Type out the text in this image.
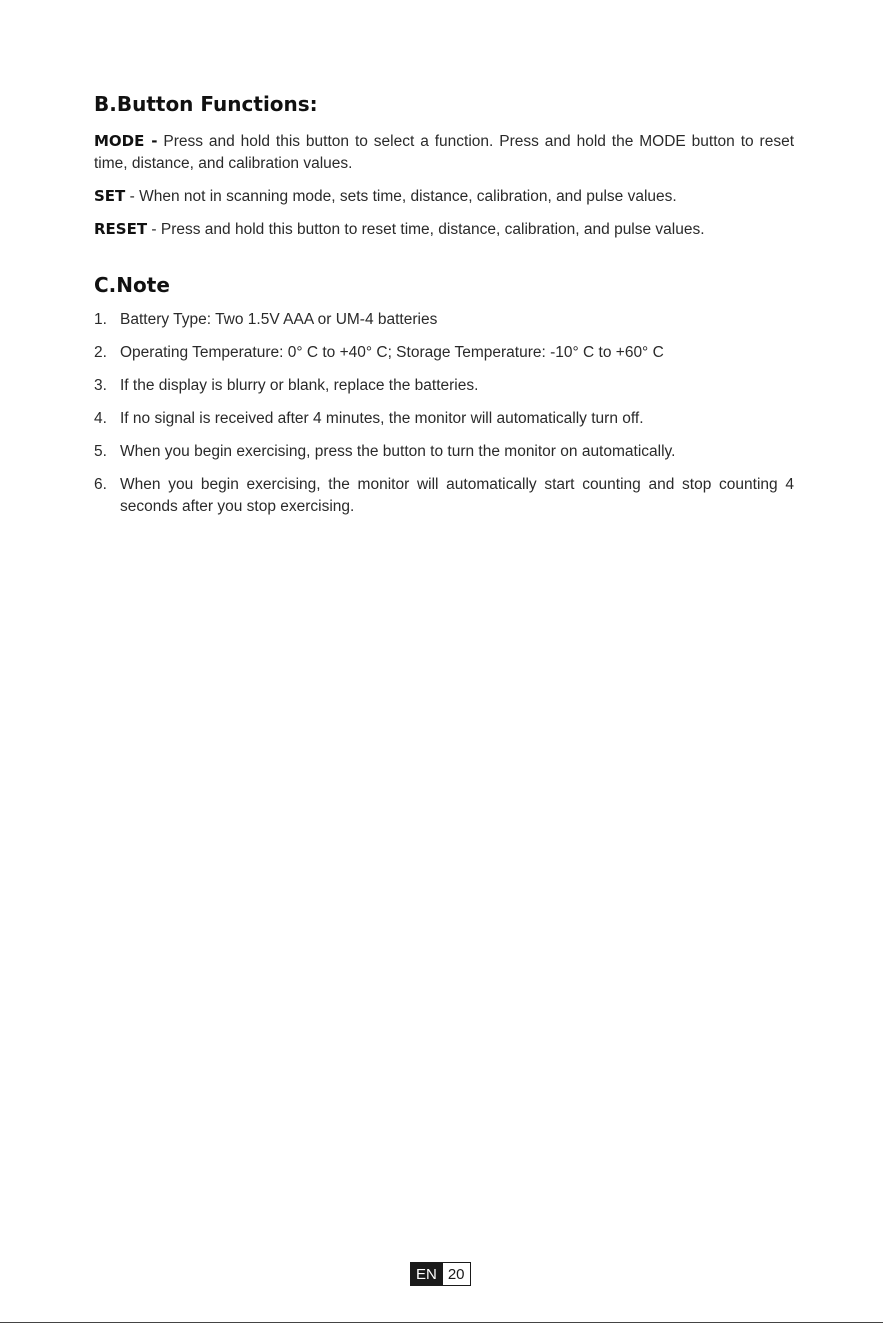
B.Button Functions:

MODE - Press and hold this button to select a function. Press and hold the MODE button to reset time, distance, and calibration values.

SET - When not in scanning mode, sets time, distance, calibration, and pulse values.

RESET - Press and hold this button to reset time, distance, calibration, and pulse values.

C.Note
1. Battery Type: Two 1.5V AAA or UM-4 batteries
2. Operating Temperature: 0° C to +40° C; Storage Temperature: -10° C to +60° C
3. If the display is blurry or blank, replace the batteries.
4. If no signal is received after 4 minutes, the monitor will automatically turn off.
5. When you begin exercising, press the button to turn the monitor on automatically.
6. When you begin exercising, the monitor will automatically start counting and stop counting 4 seconds after you stop exercising.
EN 20
